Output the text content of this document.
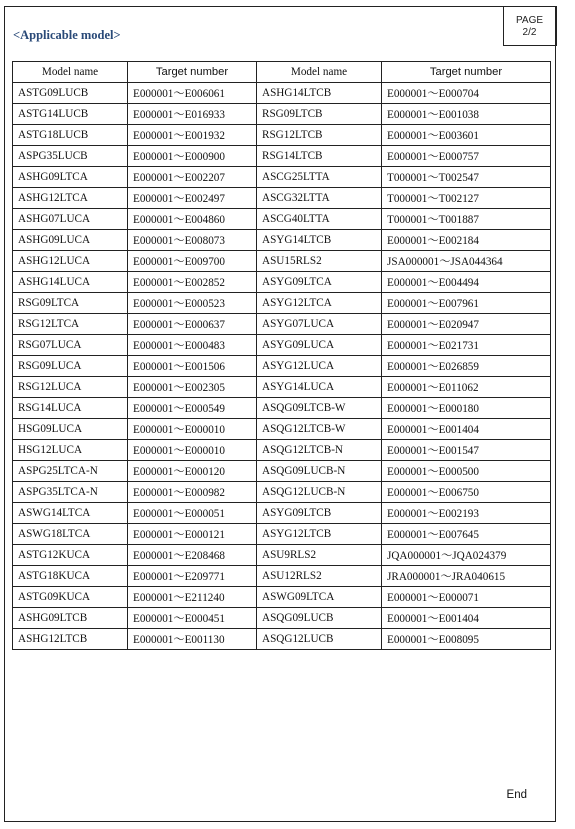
PAGE
2/2
<Applicable model>
Model name	Target number	Model name	Target number
ASTG09LUCB	E000001～E006061	ASHG14LTCB	E000001～E000704
ASTG14LUCB	E000001～E016933	RSG09LTCB	E000001～E001038
ASTG18LUCB	E000001～E001932	RSG12LTCB	E000001～E003601
ASPG35LUCB	E000001～E000900	RSG14LTCB	E000001～E000757
ASHG09LTCA	E000001～E002207	ASCG25LTTA	T000001～T002547
ASHG12LTCA	E000001～E002497	ASCG32LTTA	T000001～T002127
ASHG07LUCA	E000001～E004860	ASCG40LTTA	T000001～T001887
ASHG09LUCA	E000001～E008073	ASYG14LTCB	E000001～E002184
ASHG12LUCA	E000001～E009700	ASU15RLS2	JSA000001～JSA044364
ASHG14LUCA	E000001～E002852	ASYG09LTCA	E000001～E004494
RSG09LTCA	E000001～E000523	ASYG12LTCA	E000001～E007961
RSG12LTCA	E000001～E000637	ASYG07LUCA	E000001～E020947
RSG07LUCA	E000001～E000483	ASYG09LUCA	E000001～E021731
RSG09LUCA	E000001～E001506	ASYG12LUCA	E000001～E026859
RSG12LUCA	E000001～E002305	ASYG14LUCA	E000001～E011062
RSG14LUCA	E000001～E000549	ASQG09LTCB-W	E000001～E000180
HSG09LUCA	E000001～E000010	ASQG12LTCB-W	E000001～E001404
HSG12LUCA	E000001～E000010	ASQG12LTCB-N	E000001～E001547
ASPG25LTCA-N	E000001～E000120	ASQG09LUCB-N	E000001～E000500
ASPG35LTCA-N	E000001～E000982	ASQG12LUCB-N	E000001～E006750
ASWG14LTCA	E000001～E000051	ASYG09LTCB	E000001～E002193
ASWG18LTCA	E000001～E000121	ASYG12LTCB	E000001～E007645
ASTG12KUCA	E000001～E208468	ASU9RLS2	JQA000001～JQA024379
ASTG18KUCA	E000001～E209771	ASU12RLS2	JRA000001～JRA040615
ASTG09KUCA	E000001～E211240	ASWG09LTCA	E000001～E000071
ASHG09LTCB	E000001～E000451	ASQG09LUCB	E000001～E001404
ASHG12LTCB	E000001～E001130	ASQG12LUCB	E000001～E008095
End
